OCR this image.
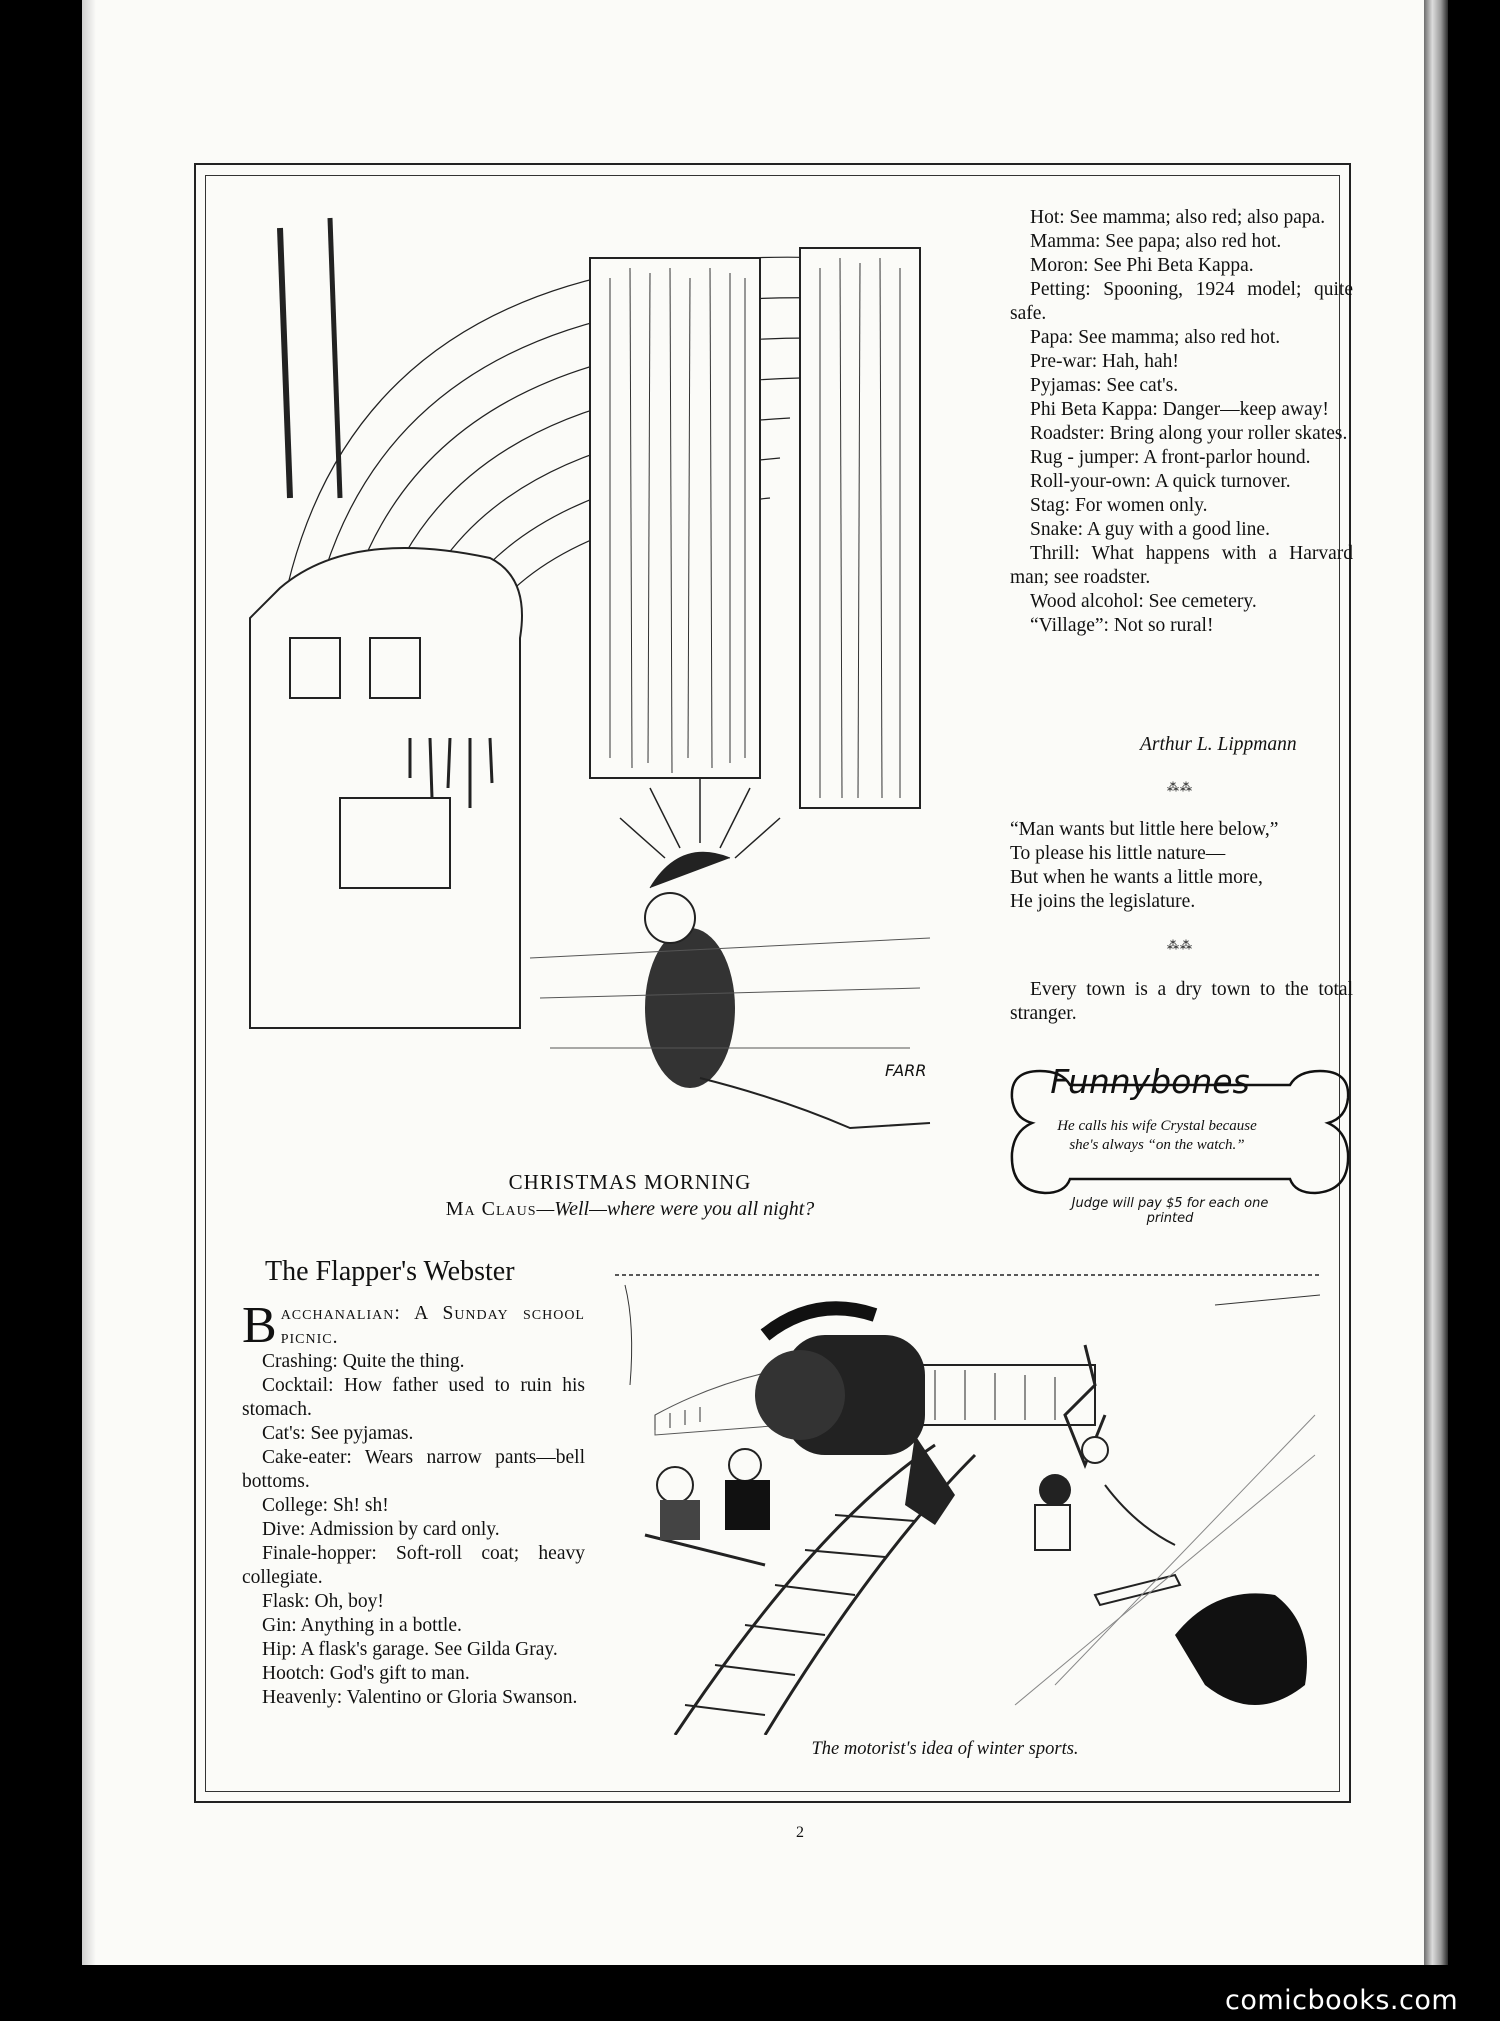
FARR
CHRISTMAS MORNING
Ma Claus—Well—where were you all night?

Hot: See mamma; also red; also papa.

Mamma: See papa; also red hot.

Moron: See Phi Beta Kappa.

Petting: Spooning, 1924 model; quite safe.

Papa: See mamma; also red hot.

Pre-war: Hah, hah!

Pyjamas: See cat's.

Phi Beta Kappa: Danger—keep away!

Roadster: Bring along your roller skates.

Rug - jumper: A front-parlor hound.

Roll-your-own: A quick turnover.

Stag: For women only.

Snake: A guy with a good line.

Thrill: What happens with a Harvard man; see roadster.

Wood alcohol: See cemetery.

“Village”: Not so rural!

Arthur L. Lippmann
⁂⁂

“Man wants but little here below,”

To please his little nature—

But when he wants a little more,

He joins the legislature.

⁂⁂
Every town is a dry town to the total stranger.
Funnybones
He calls his wife Crystal because
she's always “on the watch.”
Judge will pay $5 for each one printed
The Flapper's Webster

Bacchanalian: A Sunday school picnic.

Crashing: Quite the thing.

Cocktail: How father used to ruin his stomach.

Cat's: See pyjamas.

Cake-eater: Wears narrow pants—bell bottoms.

College: Sh! sh!

Dive: Admission by card only.

Finale-hopper: Soft-roll coat; heavy collegiate.

Flask: Oh, boy!

Gin: Anything in a bottle.

Hip: A flask's garage. See Gilda Gray.

Hootch: God's gift to man.

Heavenly: Valentino or Gloria Swanson.

The motorist's idea of winter sports.
2
comicbooks.com
